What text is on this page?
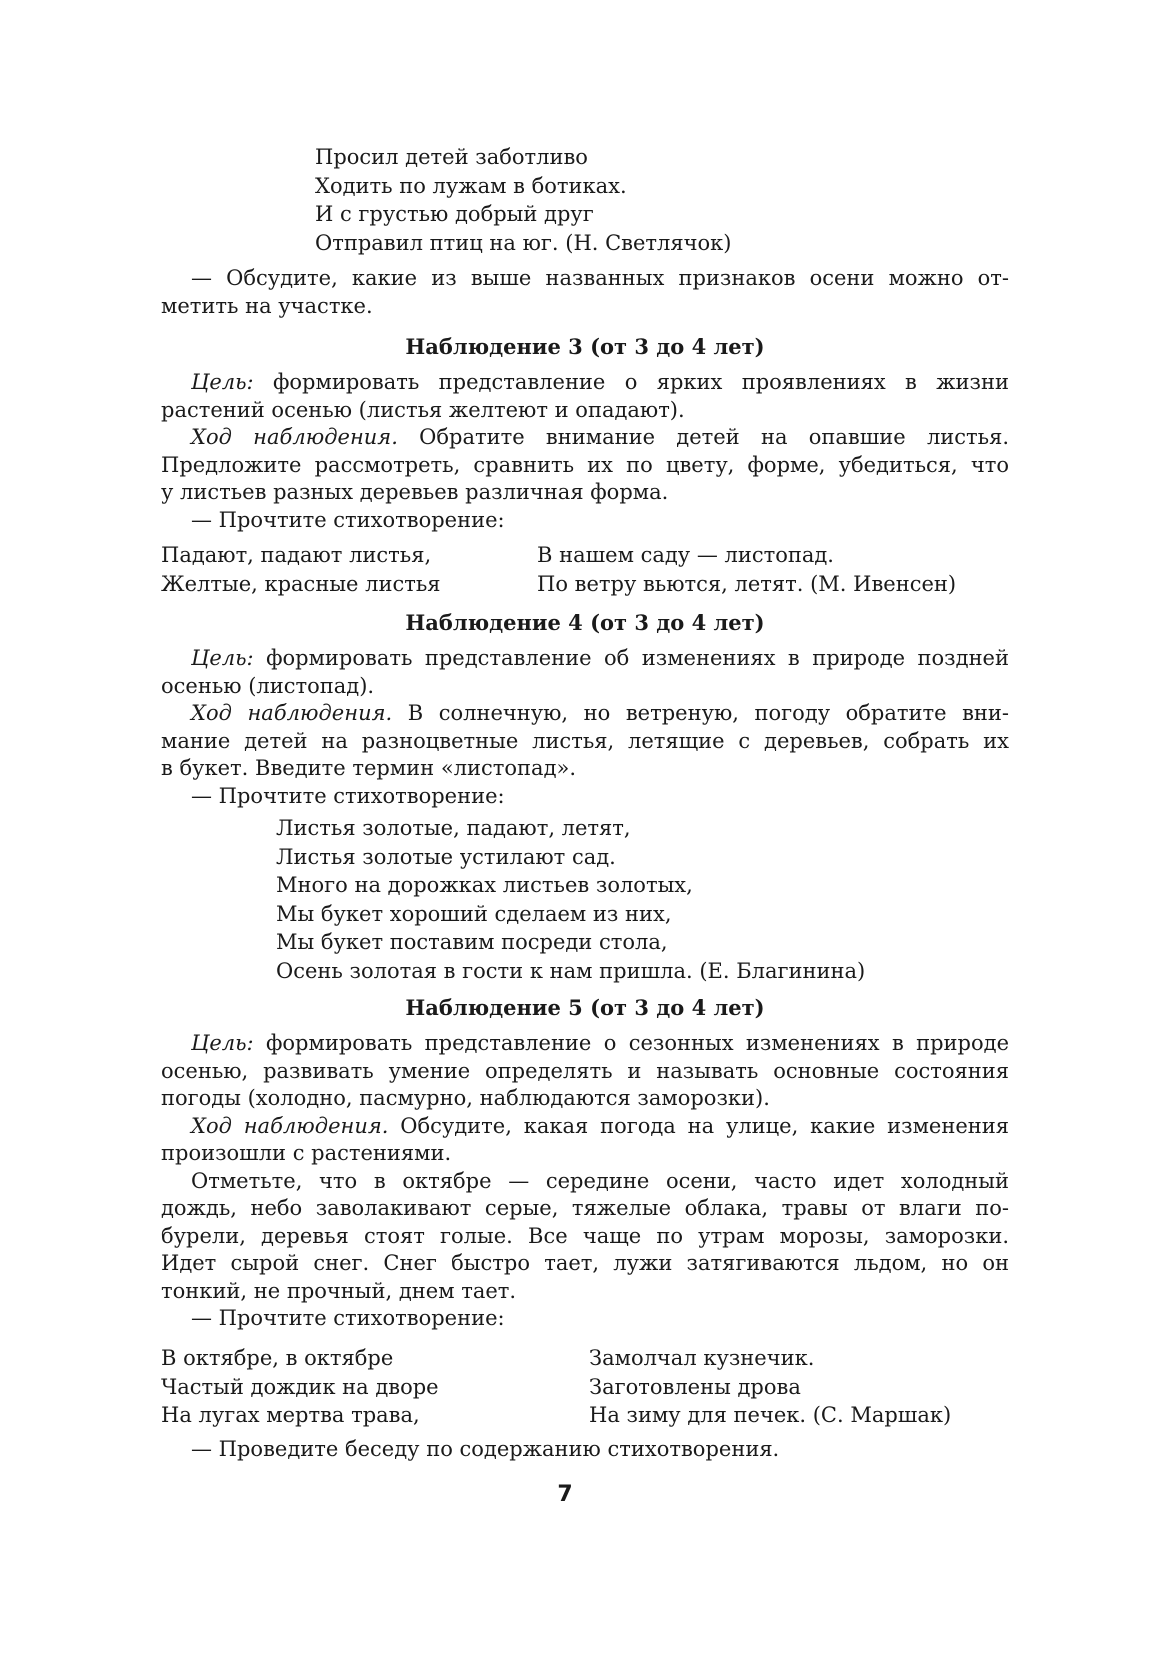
Просил детей заботливо
Ходить по лужам в ботиках.
И с грустью добрый друг
Отправил птиц на юг. (Н. Светлячок)
— Обсудите, какие из выше названных признаков осени можно от-
метить на участке.
Наблюдение 3 (от 3 до 4 лет)
Цель: формировать представление о ярких проявлениях в жизни
растений осенью (листья желтеют и опадают).
Ход наблюдения. Обратите внимание детей на опавшие листья.
Предложите рассмотреть, сравнить их по цвету, форме, убедиться, что
у листьев разных деревьев различная форма.
— Прочтите стихотворение:
Падают, падают листья,
Желтые, красные листья
В нашем саду — листопад.
По ветру вьются, летят. (М. Ивенсен)
Наблюдение 4 (от 3 до 4 лет)
Цель: формировать представление об изменениях в природе поздней
осенью (листопад).
Ход наблюдения. В солнечную, но ветреную, погоду обратите вни-
мание детей на разноцветные листья, летящие с деревьев, собрать их
в букет. Введите термин «листопад».
— Прочтите стихотворение:
Листья золотые, падают, летят,
Листья золотые устилают сад.
Много на дорожках листьев золотых,
Мы букет хороший сделаем из них,
Мы букет поставим посреди стола,
Осень золотая в гости к нам пришла. (Е. Благинина)
Наблюдение 5 (от 3 до 4 лет)
Цель: формировать представление о сезонных изменениях в природе
осенью, развивать умение определять и называть основные состояния
погоды (холодно, пасмурно, наблюдаются заморозки).
Ход наблюдения. Обсудите, какая погода на улице, какие изменения
произошли с растениями.
Отметьте, что в октябре — середине осени, часто идет холодный
дождь, небо заволакивают серые, тяжелые облака, травы от влаги по-
бурели, деревья стоят голые. Все чаще по утрам морозы, заморозки.
Идет сырой снег. Снег быстро тает, лужи затягиваются льдом, но он
тонкий, не прочный, днем тает.
— Прочтите стихотворение:
В октябре, в октябре
Частый дождик на дворе
На лугах мертва трава,
Замолчал кузнечик.
Заготовлены дрова
На зиму для печек. (С. Маршак)
— Проведите беседу по содержанию стихотворения.
7
